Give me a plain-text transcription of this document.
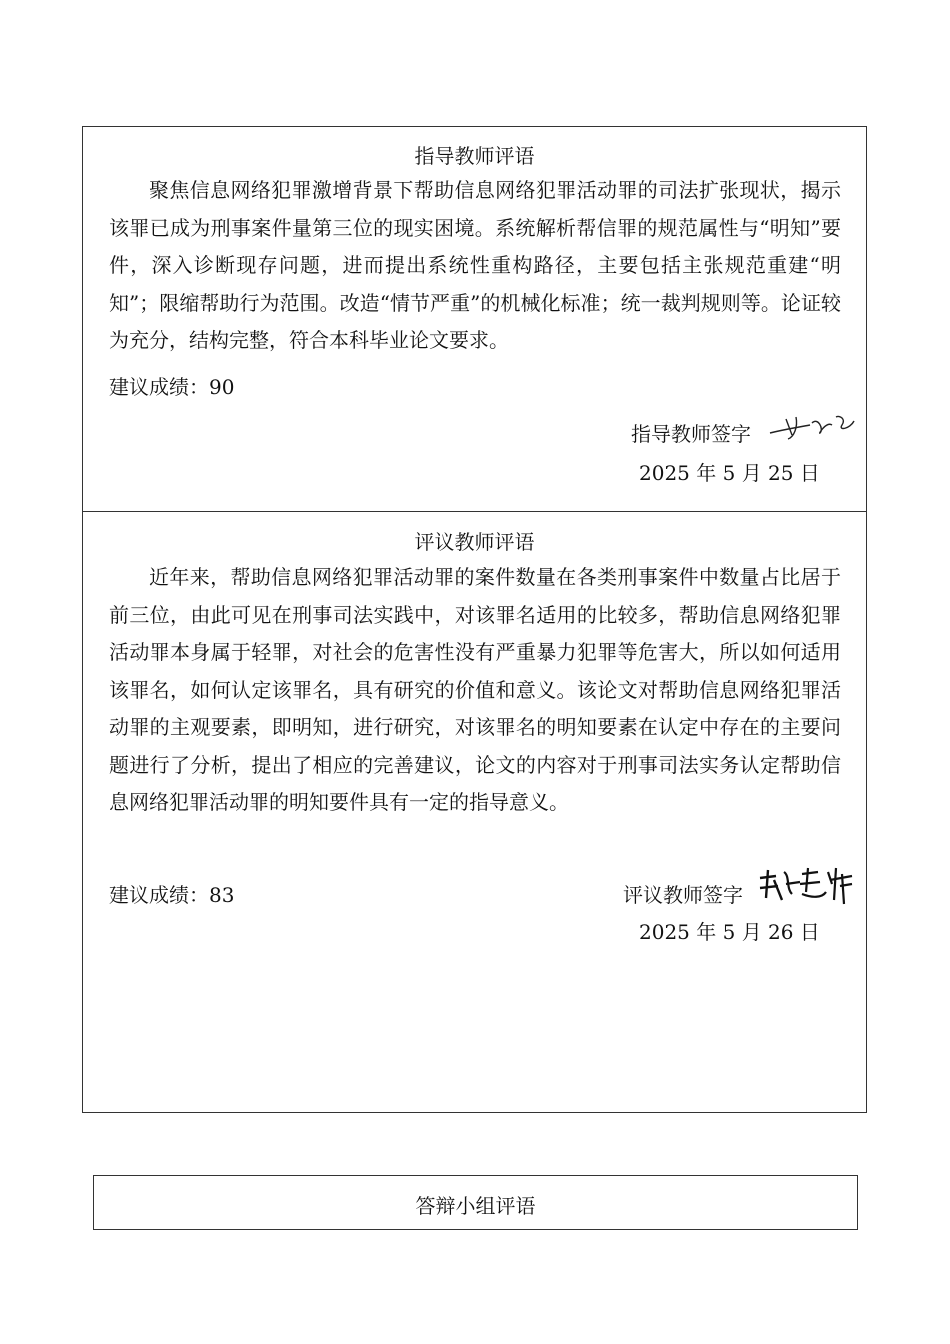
指导教师评语

聚焦信息网络犯罪激增背景下帮助信息网络犯罪活动罪的司法扩张现状，揭示该罪已成为刑事案件量第三位的现实困境。系统解析帮信罪的规范属性与“明知”要件，深入诊断现存问题，进而提出系统性重构路径，主要包括主张规范重建“明知”；限缩帮助行为范围。改造“情节严重”的机械化标准；统一裁判规则等。论证较为充分，结构完整，符合本科毕业论文要求。

建议成绩：90
指导教师签字
2025 年 5 月 25 日
评议教师评语

近年来，帮助信息网络犯罪活动罪的案件数量在各类刑事案件中数量占比居于前三位，由此可见在刑事司法实践中，对该罪名适用的比较多，帮助信息网络犯罪活动罪本身属于轻罪，对社会的危害性没有严重暴力犯罪等危害大，所以如何适用该罪名，如何认定该罪名，具有研究的价值和意义。该论文对帮助信息网络犯罪活动罪的主观要素，即明知，进行研究，对该罪名的明知要素在认定中存在的主要问题进行了分析，提出了相应的完善建议，论文的内容对于刑事司法实务认定帮助信息网络犯罪活动罪的明知要件具有一定的指导意义。

建议成绩：83	评议教师签字
2025 年 5 月 26 日
答辩小组评语
